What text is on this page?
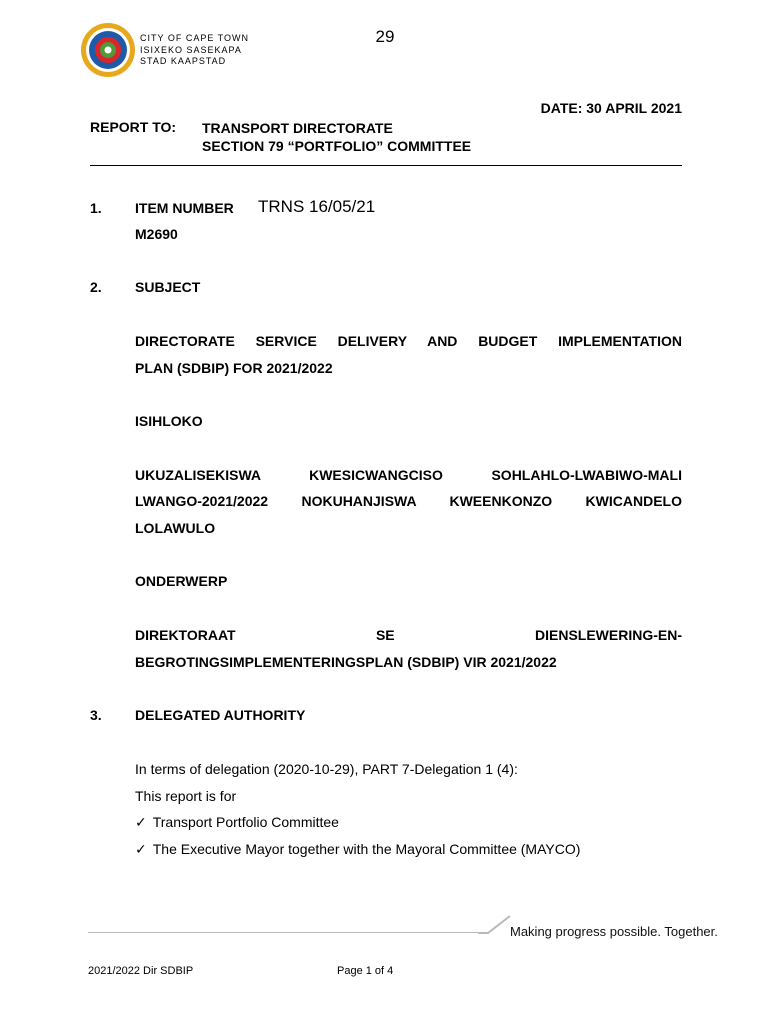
29
CITY OF CAPE TOWN
ISIXEKO SASEKAPA
STAD KAAPSTAD
DATE: 30 APRIL 2021
REPORT TO: TRANSPORT DIRECTORATE
SECTION 79 “PORTFOLIO” COMMITTEE
1. ITEM NUMBER TRNS 16/05/21
M2690
2. SUBJECT
DIRECTORATE SERVICE DELIVERY AND BUDGET IMPLEMENTATION
PLAN (SDBIP) FOR 2021/2022
ISIHLOKO
UKUZALISEKISWA KWESICWANGCISO SOHLAHLO-LWABIWO-MALI
LWANGO-2021/2022 NOKUHANJISWA KWEENKONZO KWICANDELO
LOLAWULO
ONDERWERP
DIREKTORAAT SE DIENSLEWERING-EN-
BEGROTINGSIMPLEMENTERINGSPLAN (SDBIP) VIR 2021/2022
3. DELEGATED AUTHORITY
In terms of delegation (2020-10-29), PART 7-Delegation 1 (4):
This report is for
✓ Transport Portfolio Committee
✓ The Executive Mayor together with the Mayoral Committee (MAYCO)
Making progress possible. Together.
2021/2022 Dir SDBIP	Page 1 of 4
